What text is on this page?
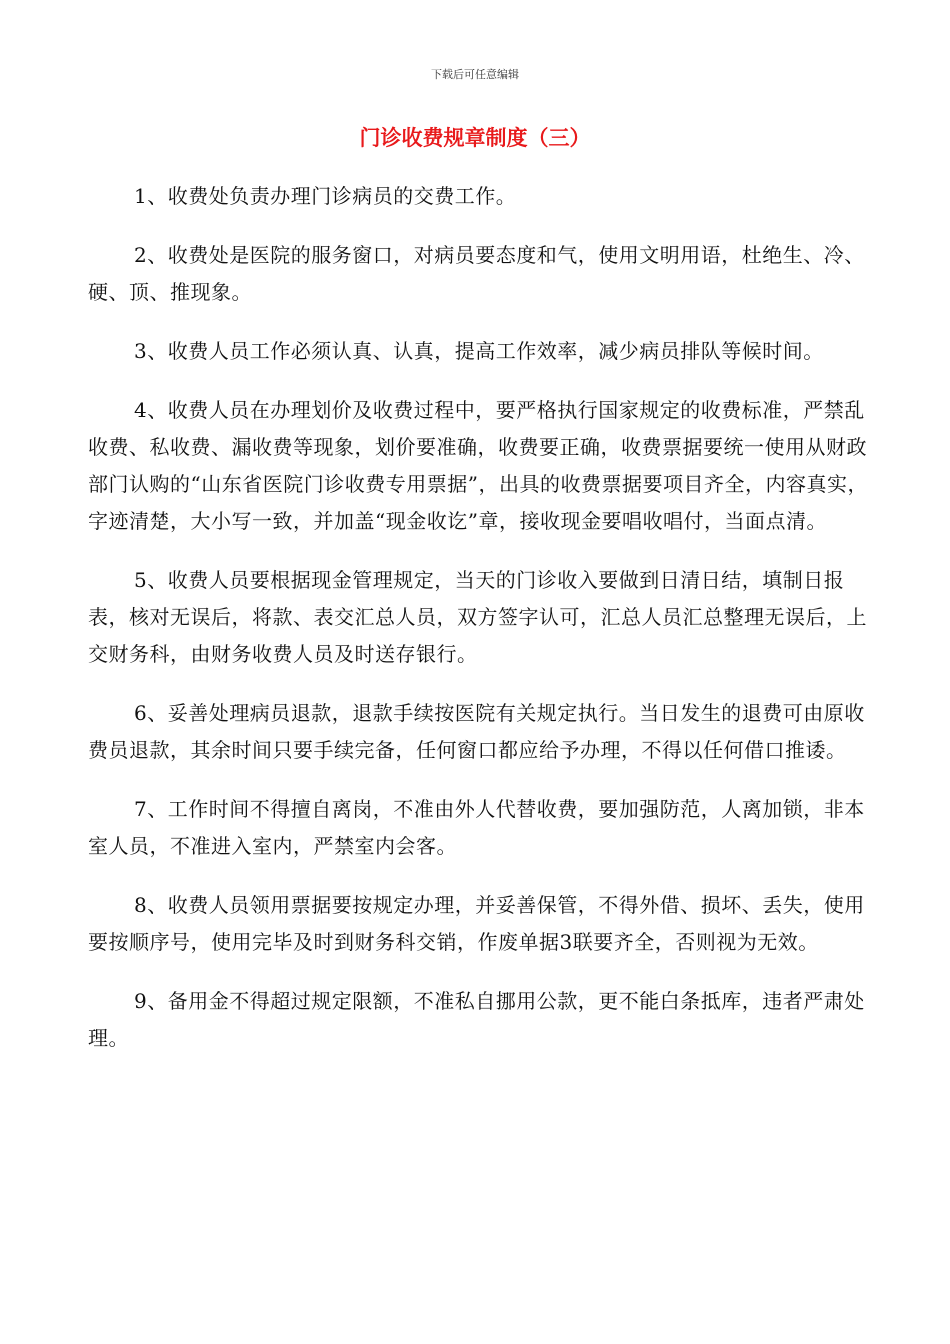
下载后可任意编辑
门诊收费规章制度（三）

1、收费处负责办理门诊病员的交费工作。

2、收费处是医院的服务窗口，对病员要态度和气，使用文明用语，杜绝生、冷、硬、顶、推现象。

3、收费人员工作必须认真、认真，提高工作效率，减少病员排队等候时间。

4、收费人员在办理划价及收费过程中，要严格执行国家规定的收费标准，严禁乱收费、私收费、漏收费等现象，划价要准确，收费要正确，收费票据要统一使用从财政部门认购的“山东省医院门诊收费专用票据”，出具的收费票据要项目齐全，内容真实，字迹清楚，大小写一致，并加盖“现金收讫”章，接收现金要唱收唱付，当面点清。

5、收费人员要根据现金管理规定，当天的门诊收入要做到日清日结，填制日报表，核对无误后，将款、表交汇总人员，双方签字认可，汇总人员汇总整理无误后，上交财务科，由财务收费人员及时送存银行。

6、妥善处理病员退款，退款手续按医院有关规定执行。当日发生的退费可由原收费员退款，其余时间只要手续完备，任何窗口都应给予办理，不得以任何借口推诿。

7、工作时间不得擅自离岗，不准由外人代替收费，要加强防范，人离加锁，非本室人员，不准进入室内，严禁室内会客。

8、收费人员领用票据要按规定办理，并妥善保管，不得外借、损坏、丢失，使用要按顺序号，使用完毕及时到财务科交销，作废单据3联要齐全，否则视为无效。

9、备用金不得超过规定限额，不准私自挪用公款，更不能白条抵库，违者严肃处理。
